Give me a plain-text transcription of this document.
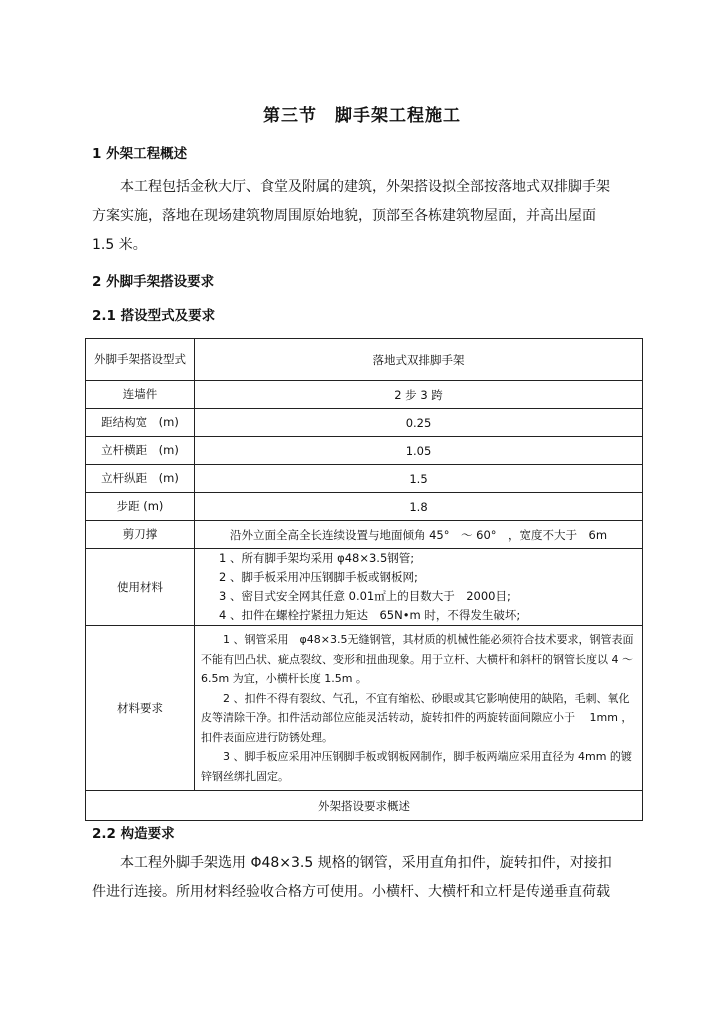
第三节　脚手架工程施工
1 外架工程概述
本工程包括金秋大厅、食堂及附属的建筑，外架搭设拟全部按落地式双排脚手架
方案实施，落地在现场建筑物周围原始地貌，顶部至各栋建筑物屋面，并高出屋面
1.5 米。
2 外脚手架搭设要求
2.1 搭设型式及要求
外脚手架搭设型式	落地式双排脚手架
连墙件	2 步 3 跨
距结构宽　(m)	0.25
立杆横距　(m)	1.05
立杆纵距　(m)	1.5
步距 (m)	1.8
剪刀撑	沿外立面全高全长连续设置与地面倾角 45°　～ 60°　，宽度不大于　6m
使用材料	1 、所有脚手架均采用 φ48×3.5钢管;
2 、脚手板采用冲压钢脚手板或钢板网;
3 、密目式安全网其任意 0.01㎡上的目数大于　2000目;
4 、扣件在螺栓拧紧扭力矩达　65N•m 时，不得发生破坏;

材料要求	1 、钢管采用　φ48×3.5无缝钢管，其材质的机械性能必须符合技术要求，钢管表面不能有凹凸状、疵点裂纹、变形和扭曲现象。用于立杆、大横杆和斜杆的钢管长度以 4 ～ 6.5m 为宜，小横杆长度 1.5m 。
2 、扣件不得有裂纹、气孔，不宜有缩松、砂眼或其它影响使用的缺陷，毛刺、氧化皮等清除干净。扣件活动部位应能灵活转动，旋转扣件的两旋转面间隙应小于　 1mm ，扣件表面应进行防锈处理。
3 、脚手板应采用冲压钢脚手板或钢板网制作，脚手板两端应采用直径为 4mm 的镀锌钢丝绑扎固定。

外架搭设要求概述	
2.2 构造要求
本工程外脚手架选用 Φ48×3.5 规格的钢管，采用直角扣件，旋转扣件，对接扣
件进行连接。所用材料经验收合格方可使用。小横杆、大横杆和立杆是传递垂直荷载
